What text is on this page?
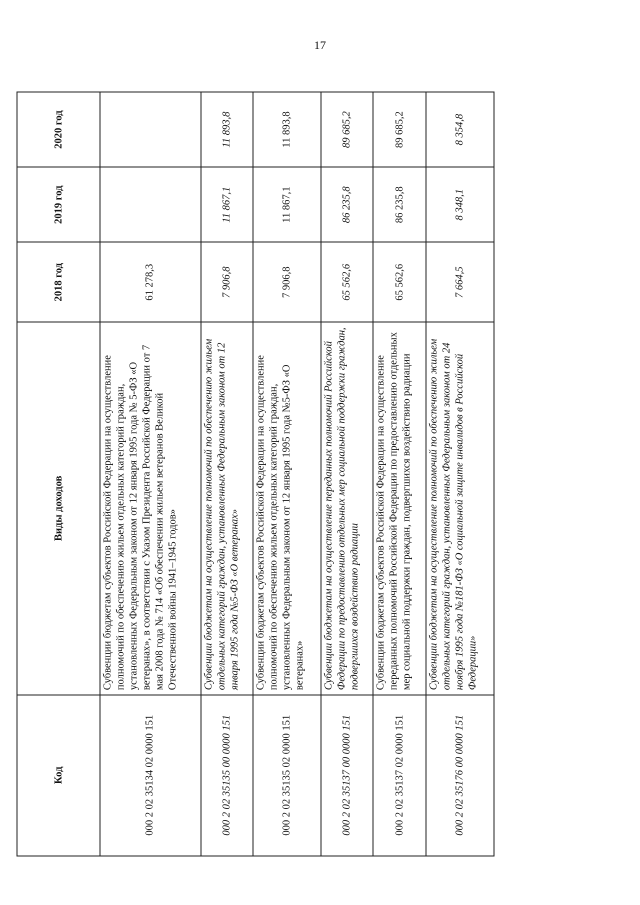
17
Код	Виды доходов	2018 год	2019 год	2020 год
000 2 02 35134 02 0000 151	Субвенции бюджетам субъектов Российской Федерации на осуществление полномочий по обеспечению жильем отдельных категорий граждан, установленных Федеральным законом от 12 января 1995 года № 5-ФЗ «О ветеранах», в соответствии с Указом Президента Российской Федерации от 7 мая 2008 года № 714 «Об обеспечении жильем ветеранов Великой Отечественной войны 1941–1945 годов»	61 278,3		
000 2 02 35135 00 0000 151	Субвенции бюджетам на осуществление полномочий по обеспечению жильем отдельных категорий граждан, установленных Федеральным законом от 12 января 1995 года №5-ФЗ «О ветеранах»	7 906,8	11 867,1	11 893,8
000 2 02 35135 02 0000 151	Субвенции бюджетам субъектов Российской Федерации на осуществление полномочий по обеспечению жильем отдельных категорий граждан, установленных Федеральным законом от 12 января 1995 года №5-ФЗ «О ветеранах»	7 906,8	11 867,1	11 893,8
000 2 02 35137 00 0000 151	Субвенции бюджетам на осуществление переданных полномочий Российской Федерации по предоставлению отдельных мер социальной поддержки граждан, подвергшихся воздействию радиации	65 562,6	86 235,8	89 685,2
000 2 02 35137 02 0000 151	Субвенции бюджетам субъектов Российской Федерации на осуществление переданных полномочий Российской Федерации по предоставлению отдельных мер социальной поддержки граждан, подвергшихся воздействию радиации	65 562,6	86 235,8	89 685,2
000 2 02 35176 00 0000 151	Субвенции бюджетам на осуществление полномочий по обеспечению жильем отдельных категорий граждан, установленных Федеральным законом от 24 ноября 1995 года №181-ФЗ «О социальной защите инвалидов в Российской Федерации»	7 664,5	8 348,1	8 354,8
